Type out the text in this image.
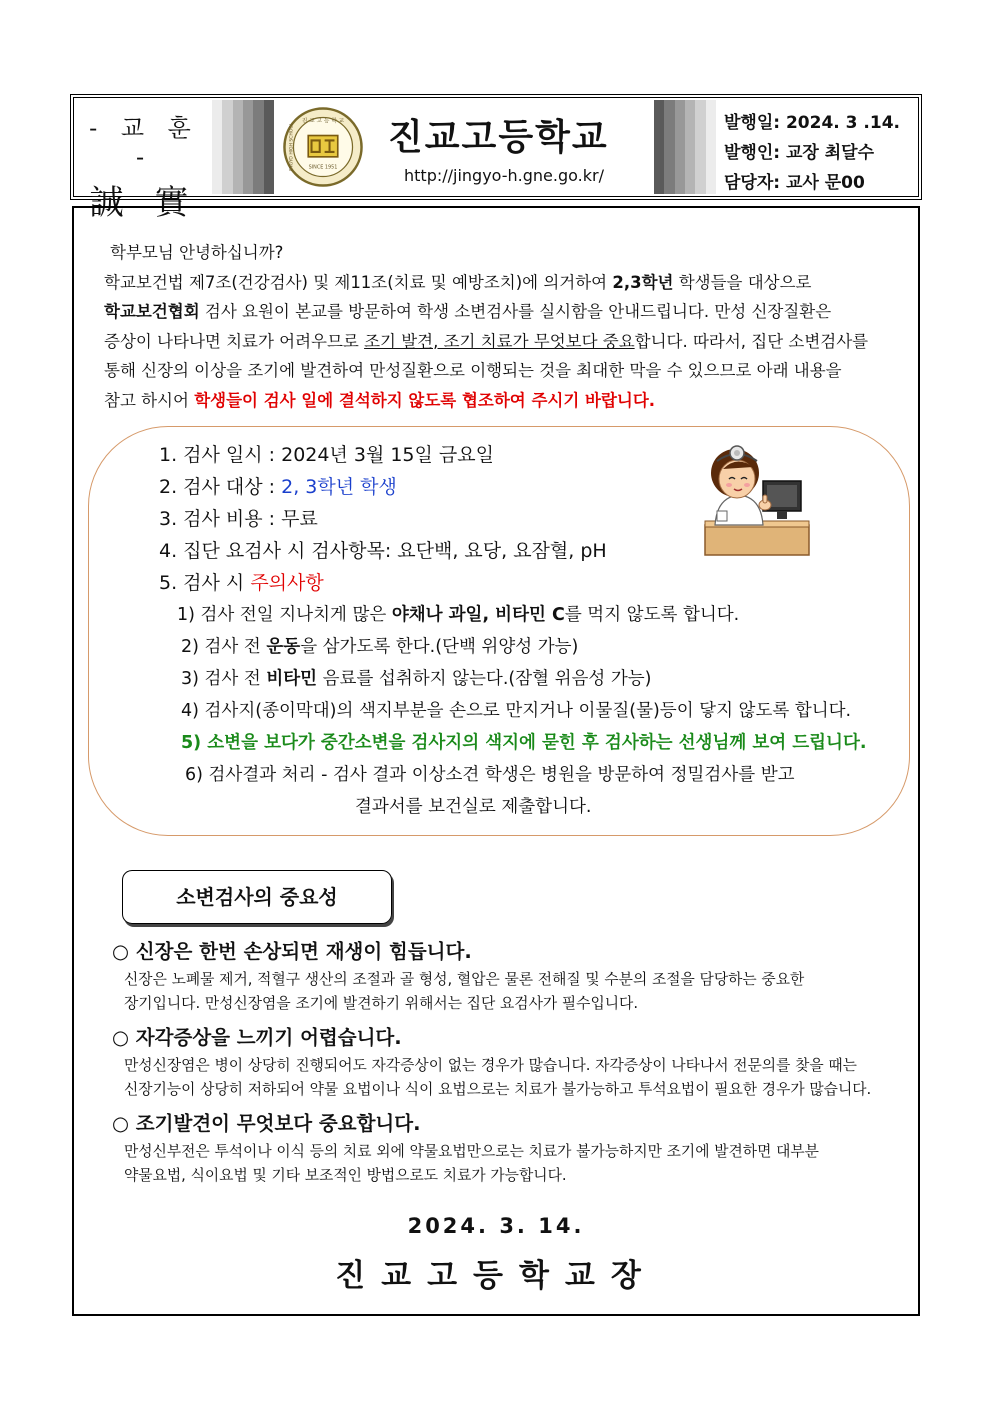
- 교 훈 -
誠 實
진 교 고 등 학 교
SINCE 1951
JINGYO HIGH SCHOOL	진교고등학교
http://jingyo-h.gne.go.kr/
발행일: 2024. 3 .14.
발행인: 교장 최달수
담당자: 교사 문00

학부모님 안녕하십니까?

학교보건법 제7조(건강검사) 및 제11조(치료 및 예방조치)에 의거하여 2,3학년 학생들을 대상으로

학교보건협회 검사 요원이 본교를 방문하여 학생 소변검사를 실시함을 안내드립니다. 만성 신장질환은

증상이 나타나면 치료가 어려우므로 조기 발견, 조기 치료가 무엇보다 중요합니다. 따라서, 집단 소변검사를

통해 신장의 이상을 조기에 발견하여 만성질환으로 이행되는 것을 최대한 막을 수 있으므로 아래 내용을

참고 하시어 학생들이 검사 일에 결석하지 않도록 협조하여 주시기 바랍니다.

1. 검사 일시 : 2024년 3월 15일 금요일
2. 검사 대상 : 2, 3학년 학생
3. 검사 비용 : 무료
4. 집단 요검사 시 검사항목: 요단백, 요당, 요잠혈, pH
5. 검사 시 주의사항
1) 검사 전일 지나치게 많은 야채나 과일, 비타민 C를 먹지 않도록 합니다.
2) 검사 전 운동을 삼가도록 한다.(단백 위양성 가능)
3) 검사 전 비타민 음료를 섭취하지 않는다.(잠혈 위음성 가능)
4) 검사지(종이막대)의 색지부분을 손으로 만지거나 이물질(물)등이 닿지 않도록 합니다.
5) 소변을 보다가 중간소변을 검사지의 색지에 묻힌 후 검사하는 선생님께 보여 드립니다.
6) 검사결과 처리 - 검사 결과 이상소견 학생은 병원을 방문하여 정밀검사를 받고
결과서를 보건실로 제출합니다.
소변검사의 중요성
○ 신장은 한번 손상되면 재생이 힘듭니다.
신장은 노폐물 제거, 적혈구 생산의 조절과 골 형성, 혈압은 물론 전해질 및 수분의 조절을 담당하는 중요한
장기입니다. 만성신장염을 조기에 발견하기 위해서는 집단 요검사가 필수입니다.
○ 자각증상을 느끼기 어렵습니다.
만성신장염은 병이 상당히 진행되어도 자각증상이 없는 경우가 많습니다. 자각증상이 나타나서 전문의를 찾을 때는
신장기능이 상당히 저하되어 약물 요법이나 식이 요법으로는 치료가 불가능하고 투석요법이 필요한 경우가 많습니다.
○ 조기발견이 무엇보다 중요합니다.
만성신부전은 투석이나 이식 등의 치료 외에 약물요법만으로는 치료가 불가능하지만 조기에 발견하면 대부분
약물요법, 식이요법 및 기타 보조적인 방법으로도 치료가 가능합니다.
2024. 3. 14.
진교고등학교장
